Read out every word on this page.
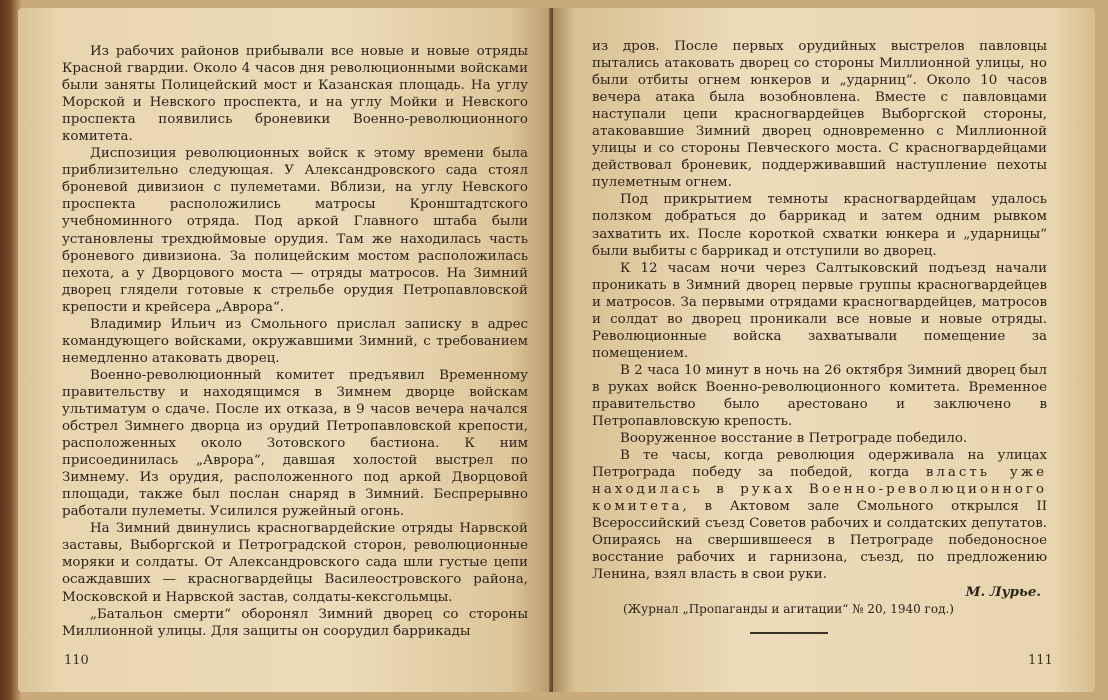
Из рабочих районов прибывали все новые и новые отряды Красной гвардии. Около 4 часов дня революционными войсками были заняты Полицейский мост и Казанская площадь. На углу Морской и Невского проспекта, и на углу Мойки и Невского проспекта появились броневики Военно-революционного комитета.

Диспозиция революционных войск к этому времени была приблизительно следующая. У Александровского сада стоял броневой дивизион с пулеметами. Вблизи, на углу Невского проспекта расположились матросы Кронштадтского учебноминного отряда. Под аркой Главного штаба были установлены трехдюймовые орудия. Там же находилась часть броневого дивизиона. За полицейским мостом расположилась пехота, а у Дворцового моста — отряды матросов. На Зимний дворец глядели готовые к стрельбе орудия Петропавловской крепости и крейсера „Аврора“.

Владимир Ильич из Смольного прислал записку в адрес командующего войсками, окружавшими Зимний, с требованием немедленно атаковать дворец.

Военно-революционный комитет предъявил Временному правительству и находящимся в Зимнем дворце войскам ультиматум о сдаче. После их отказа, в 9 часов вечера начался обстрел Зимнего дворца из орудий Петропавловской крепости, расположенных около Зотовского бастиона. К ним присоединилась „Аврора“, давшая холостой выстрел по Зимнему. Из орудия, расположенного под аркой Дворцовой площади, также был послан снаряд в Зимний. Беспрерывно работали пулеметы. Усилился ружейный огонь.

На Зимний двинулись красногвардейские отряды Нарвской заставы, Выборгской и Петроградской сторон, революционные моряки и солдаты. От Александровского сада шли густые цепи осаждавших — красногвардейцы Василеостровского района, Московской и Нарвской застав, солдаты-кексгольмцы.

„Батальон смерти“ оборонял Зимний дворец со стороны Миллионной улицы. Для защиты он соорудил баррикады

110

из дров. После первых орудийных выстрелов павловцы пытались атаковать дворец со стороны Миллионной улицы, но были отбиты огнем юнкеров и „ударниц“. Около 10 часов вечера атака была возобновлена. Вместе с павловцами наступали цепи красногвардейцев Выборгской стороны, атаковавшие Зимний дворец одновременно с Миллионной улицы и со стороны Певческого моста. С красногвардейцами действовал броневик, поддерживавший наступление пехоты пулеметным огнем.

Под прикрытием темноты красногвардейцам удалось ползком добраться до баррикад и затем одним рывком захватить их. После короткой схватки юнкера и „ударницы“ были выбиты с баррикад и отступили во дворец.

К 12 часам ночи через Салтыковский подъезд начали проникать в Зимний дворец первые группы красногвардейцев и матросов. За первыми отрядами красногвардейцев, матросов и солдат во дворец проникали все новые и новые отряды. Революционные войска захватывали помещение за помещением.

В 2 часа 10 минут в ночь на 26 октября Зимний дворец был в руках войск Военно-революционного комитета. Временное правительство было арестовано и заключено в Петропавловскую крепость.

Вооруженное восстание в Петрограде победило.

В те часы, когда революция одерживала на улицах Петрограда победу за победой, когда власть уже находилась в руках Военно-революционного комитета, в Актовом зале Смольного открылся II Всероссийский съезд Советов рабочих и солдатских депутатов. Опираясь на свершившееся в Петрограде победоносное восстание рабочих и гарнизона, съезд, по предложению Ленина, взял власть в свои руки.

М. Лурье.

(Журнал „Пропаганды и агитации“ № 20, 1940 год.)

111
